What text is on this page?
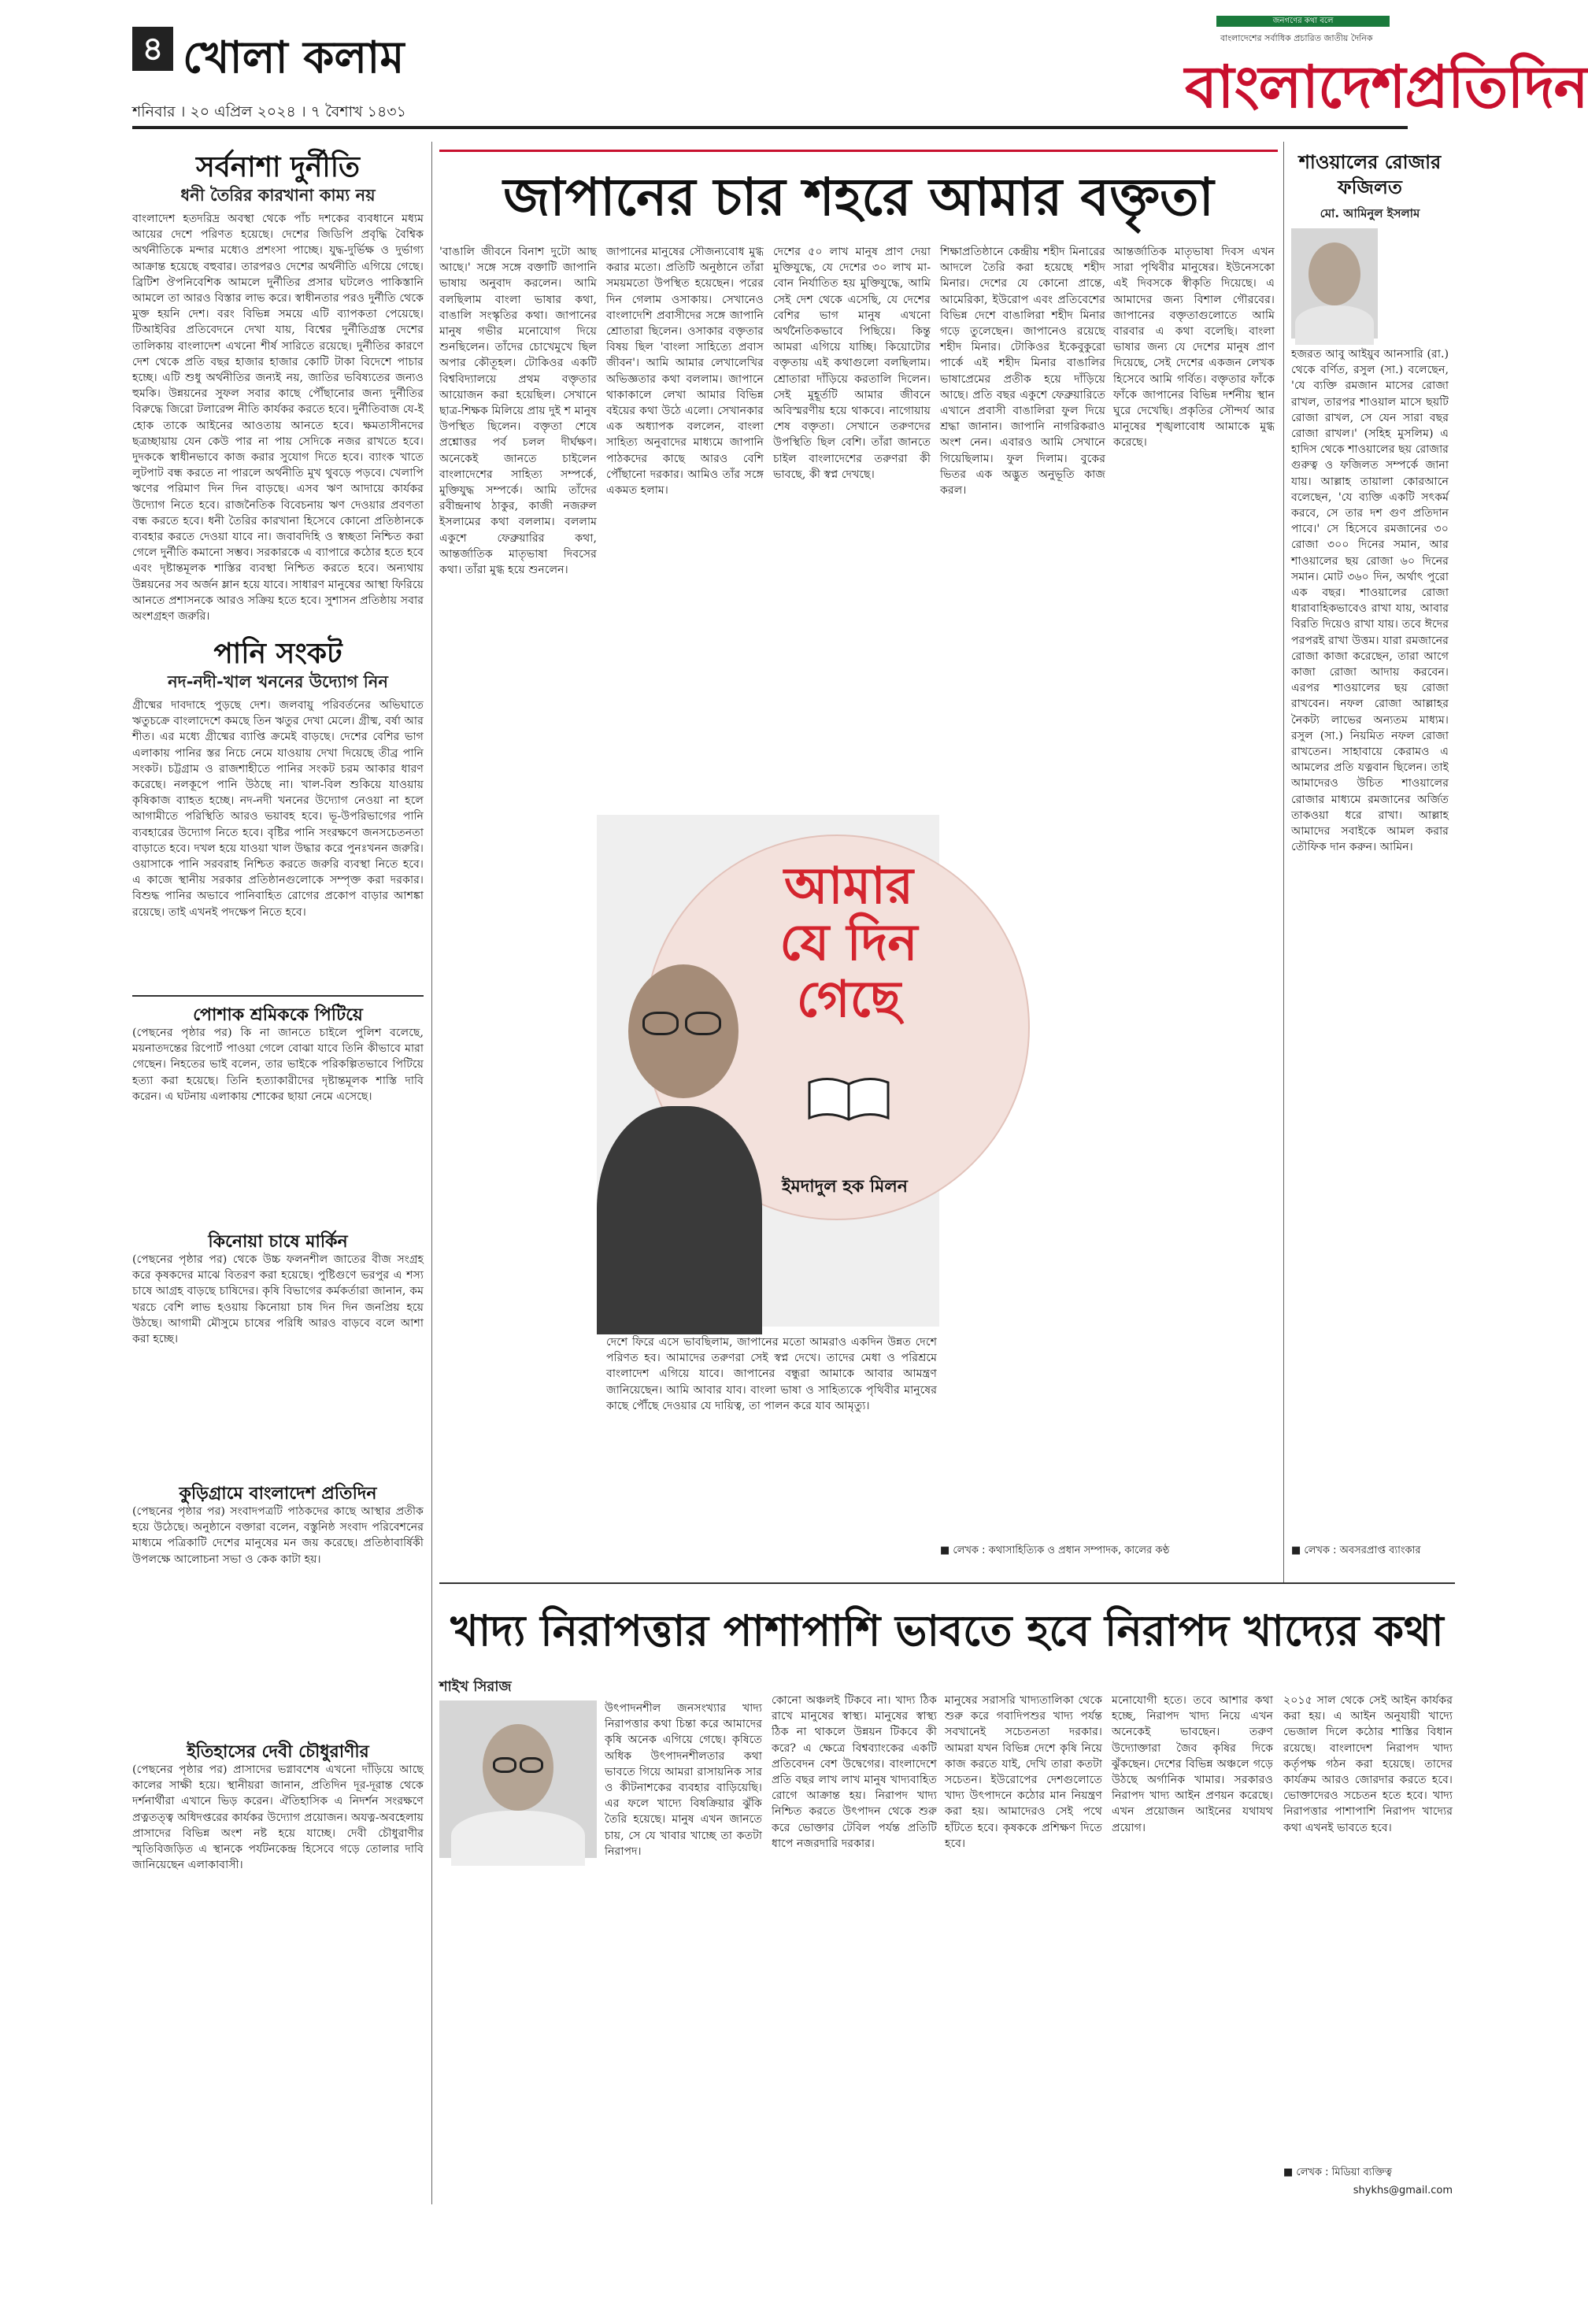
৪ খোলা কলাম
শনিবার । ২০ এপ্রিল ২০২৪ । ৭ বৈশাখ ১৪৩১
জনগণের কথা বলে
বাংলাদেশের সর্বাধিক প্রচারিত জাতীয় দৈনিক
বাংলাদেশপ্রতিদিন
সর্বনাশা দুর্নীতি
ধনী তৈরির কারখানা কাম্য নয়
বাংলাদেশ হতদরিদ্র অবস্থা থেকে পাঁচ দশকের ব্যবধানে মধ্যম আয়ের দেশে পরিণত হয়েছে। দেশের জিডিপি প্রবৃদ্ধি বৈশ্বিক অর্থনীতিকে মন্দার মধ্যেও প্রশংসা পাচ্ছে। যুদ্ধ-দুর্ভিক্ষ ও দুর্ভাগ্য আক্রান্ত হয়েছে বহুবার। তারপরও দেশের অর্থনীতি এগিয়ে গেছে। ব্রিটিশ ঔপনিবেশিক আমলে দুর্নীতির প্রসার ঘটলেও পাকিস্তানি আমলে তা আরও বিস্তার লাভ করে। স্বাধীনতার পরও দুর্নীতি থেকে মুক্ত হয়নি দেশ। বরং বিভিন্ন সময়ে এটি ব্যাপকতা পেয়েছে। টিআইবির প্রতিবেদনে দেখা যায়, বিশ্বের দুর্নীতিগ্রস্ত দেশের তালিকায় বাংলাদেশ এখনো শীর্ষ সারিতে রয়েছে। দুর্নীতির কারণে দেশ থেকে প্রতি বছর হাজার হাজার কোটি টাকা বিদেশে পাচার হচ্ছে। এটি শুধু অর্থনীতির জন্যই নয়, জাতির ভবিষ্যতের জন্যও হুমকি। উন্নয়নের সুফল সবার কাছে পৌঁছানোর জন্য দুর্নীতির বিরুদ্ধে জিরো টলারেন্স নীতি কার্যকর করতে হবে। দুর্নীতিবাজ যে-ই হোক তাকে আইনের আওতায় আনতে হবে। ক্ষমতাসীনদের ছত্রচ্ছায়ায় যেন কেউ পার না পায় সেদিকে নজর রাখতে হবে। দুদককে স্বাধীনভাবে কাজ করার সুযোগ দিতে হবে। ব্যাংক খাতে লুটপাট বন্ধ করতে না পারলে অর্থনীতি মুখ থুবড়ে পড়বে। খেলাপি ঋণের পরিমাণ দিন দিন বাড়ছে। এসব ঋণ আদায়ে কার্যকর উদ্যোগ নিতে হবে। রাজনৈতিক বিবেচনায় ঋণ দেওয়ার প্রবণতা বন্ধ করতে হবে। ধনী তৈরির কারখানা হিসেবে কোনো প্রতিষ্ঠানকে ব্যবহার করতে দেওয়া যাবে না। জবাবদিহি ও স্বচ্ছতা নিশ্চিত করা গেলে দুর্নীতি কমানো সম্ভব। সরকারকে এ ব্যাপারে কঠোর হতে হবে এবং দৃষ্টান্তমূলক শাস্তির ব্যবস্থা নিশ্চিত করতে হবে। অন্যথায় উন্নয়নের সব অর্জন ম্লান হয়ে যাবে। সাধারণ মানুষের আস্থা ফিরিয়ে আনতে প্রশাসনকে আরও সক্রিয় হতে হবে। সুশাসন প্রতিষ্ঠায় সবার অংশগ্রহণ জরুরি।
পানি সংকট
নদ-নদী-খাল খননের উদ্যোগ নিন
গ্রীষ্মের দাবদাহে পুড়ছে দেশ। জলবায়ু পরিবর্তনের অভিঘাতে ঋতুচক্রে বাংলাদেশে কমছে তিন ঋতুর দেখা মেলে। গ্রীষ্ম, বর্ষা আর শীত। এর মধ্যে গ্রীষ্মের ব্যাপ্তি ক্রমেই বাড়ছে। দেশের বেশির ভাগ এলাকায় পানির স্তর নিচে নেমে যাওয়ায় দেখা দিয়েছে তীব্র পানি সংকট। চট্টগ্রাম ও রাজশাহীতে পানির সংকট চরম আকার ধারণ করেছে। নলকূপে পানি উঠছে না। খাল-বিল শুকিয়ে যাওয়ায় কৃষিকাজ ব্যাহত হচ্ছে। নদ-নদী খননের উদ্যোগ নেওয়া না হলে আগামীতে পরিস্থিতি আরও ভয়াবহ হবে। ভূ-উপরিভাগের পানি ব্যবহারের উদ্যোগ নিতে হবে। বৃষ্টির পানি সংরক্ষণে জনসচেতনতা বাড়াতে হবে। দখল হয়ে যাওয়া খাল উদ্ধার করে পুনঃখনন জরুরি। ওয়াসাকে পানি সরবরাহ নিশ্চিত করতে জরুরি ব্যবস্থা নিতে হবে। এ কাজে স্থানীয় সরকার প্রতিষ্ঠানগুলোকে সম্পৃক্ত করা দরকার। বিশুদ্ধ পানির অভাবে পানিবাহিত রোগের প্রকোপ বাড়ার আশঙ্কা রয়েছে। তাই এখনই পদক্ষেপ নিতে হবে।
পোশাক শ্রমিককে পিটিয়ে
(পেছনের পৃষ্ঠার পর) কি না জানতে চাইলে পুলিশ বলেছে, ময়নাতদন্তের রিপোর্ট পাওয়া গেলে বোঝা যাবে তিনি কীভাবে মারা গেছেন। নিহতের ভাই বলেন, তার ভাইকে পরিকল্পিতভাবে পিটিয়ে হত্যা করা হয়েছে। তিনি হত্যাকারীদের দৃষ্টান্তমূলক শাস্তি দাবি করেন। এ ঘটনায় এলাকায় শোকের ছায়া নেমে এসেছে।
কিনোয়া চাষে মার্কিন
(পেছনের পৃষ্ঠার পর) থেকে উচ্চ ফলনশীল জাতের বীজ সংগ্রহ করে কৃষকদের মাঝে বিতরণ করা হয়েছে। পুষ্টিগুণে ভরপুর এ শস্য চাষে আগ্রহ বাড়ছে চাষিদের। কৃষি বিভাগের কর্মকর্তারা জানান, কম খরচে বেশি লাভ হওয়ায় কিনোয়া চাষ দিন দিন জনপ্রিয় হয়ে উঠছে। আগামী মৌসুমে চাষের পরিধি আরও বাড়বে বলে আশা করা হচ্ছে।
কুড়িগ্রামে বাংলাদেশ প্রতিদিন
(পেছনের পৃষ্ঠার পর) সংবাদপত্রটি পাঠকদের কাছে আস্থার প্রতীক হয়ে উঠেছে। অনুষ্ঠানে বক্তারা বলেন, বস্তুনিষ্ঠ সংবাদ পরিবেশনের মাধ্যমে পত্রিকাটি দেশের মানুষের মন জয় করেছে। প্রতিষ্ঠাবার্ষিকী উপলক্ষে আলোচনা সভা ও কেক কাটা হয়।
ইতিহাসের দেবী চৌধুরাণীর
(পেছনের পৃষ্ঠার পর) প্রাসাদের ভগ্নাবশেষ এখনো দাঁড়িয়ে আছে কালের সাক্ষী হয়ে। স্থানীয়রা জানান, প্রতিদিন দূর-দূরান্ত থেকে দর্শনার্থীরা এখানে ভিড় করেন। ঐতিহাসিক এ নিদর্শন সংরক্ষণে প্রত্নতত্ত্ব অধিদপ্তরের কার্যকর উদ্যোগ প্রয়োজন। অযত্ন-অবহেলায় প্রাসাদের বিভিন্ন অংশ নষ্ট হয়ে যাচ্ছে। দেবী চৌধুরাণীর স্মৃতিবিজড়িত এ স্থানকে পর্যটনকেন্দ্র হিসেবে গড়ে তোলার দাবি জানিয়েছেন এলাকাবাসী।
জাপানের চার শহরে আমার বক্তৃতা
'বাঙালি জীবনে বিনাশ দুটো আছ আছে।' সঙ্গে সঙ্গে বক্তাটি জাপানি ভাষায় অনুবাদ করলেন। আমি বলছিলাম বাংলা ভাষার কথা, বাঙালি সংস্কৃতির কথা। জাপানের মানুষ গভীর মনোযোগ দিয়ে শুনছিলেন। তাঁদের চোখেমুখে ছিল অপার কৌতূহল। টোকিওর একটি বিশ্ববিদ্যালয়ে প্রথম বক্তৃতার আয়োজন করা হয়েছিল। সেখানে ছাত্র-শিক্ষক মিলিয়ে প্রায় দুই শ মানুষ উপস্থিত ছিলেন। বক্তৃতা শেষে প্রশ্নোত্তর পর্ব চলল দীর্ঘক্ষণ। অনেকেই জানতে চাইলেন বাংলাদেশের সাহিত্য সম্পর্কে, মুক্তিযুদ্ধ সম্পর্কে। আমি তাঁদের রবীন্দ্রনাথ ঠাকুর, কাজী নজরুল ইসলামের কথা বললাম। বললাম একুশে ফেব্রুয়ারির কথা, আন্তর্জাতিক মাতৃভাষা দিবসের কথা। তাঁরা মুগ্ধ হয়ে শুনলেন।
জাপানের মানুষের সৌজন্যবোধ মুগ্ধ করার মতো। প্রতিটি অনুষ্ঠানে তাঁরা সময়মতো উপস্থিত হয়েছেন। পরের দিন গেলাম ওসাকায়। সেখানেও বাংলাদেশি প্রবাসীদের সঙ্গে জাপানি শ্রোতারা ছিলেন। ওসাকার বক্তৃতার বিষয় ছিল 'বাংলা সাহিত্যে প্রবাস জীবন'। আমি আমার লেখালেখির অভিজ্ঞতার কথা বললাম। জাপানে থাকাকালে লেখা আমার বিভিন্ন বইয়ের কথা উঠে এলো। সেখানকার এক অধ্যাপক বললেন, বাংলা সাহিত্য অনুবাদের মাধ্যমে জাপানি পাঠকদের কাছে আরও বেশি পৌঁছানো দরকার। আমিও তাঁর সঙ্গে একমত হলাম।
দেশের ৫০ লাখ মানুষ প্রাণ দেয়া মুক্তিযুদ্ধে, যে দেশের ৩০ লাখ মা-বোন নির্যাতিত হয় মুক্তিযুদ্ধে, আমি সেই দেশ থেকে এসেছি, যে দেশের বেশির ভাগ মানুষ এখনো অর্থনৈতিকভাবে পিছিয়ে। কিন্তু আমরা এগিয়ে যাচ্ছি। কিয়োটোর বক্তৃতায় এই কথাগুলো বলছিলাম। শ্রোতারা দাঁড়িয়ে করতালি দিলেন। সেই মুহূর্তটি আমার জীবনে অবিস্মরণীয় হয়ে থাকবে। নাগোয়ায় শেষ বক্তৃতা। সেখানে তরুণদের উপস্থিতি ছিল বেশি। তাঁরা জানতে চাইল বাংলাদেশের তরুণরা কী ভাবছে, কী স্বপ্ন দেখছে।
শিক্ষাপ্রতিষ্ঠানে কেন্দ্রীয় শহীদ মিনারের আদলে তৈরি করা হয়েছে শহীদ মিনার। দেশের যে কোনো প্রান্তে, আমেরিকা, ইউরোপ এবং প্রতিবেশের বিভিন্ন দেশে বাঙালিরা শহীদ মিনার গড়ে তুলেছেন। জাপানেও রয়েছে শহীদ মিনার। টোকিওর ইকেবুকুরো পার্কে এই শহীদ মিনার বাঙালির ভাষাপ্রেমের প্রতীক হয়ে দাঁড়িয়ে আছে। প্রতি বছর একুশে ফেব্রুয়ারিতে এখানে প্রবাসী বাঙালিরা ফুল দিয়ে শ্রদ্ধা জানান। জাপানি নাগরিকরাও অংশ নেন। এবারও আমি সেখানে গিয়েছিলাম। ফুল দিলাম। বুকের ভিতর এক অদ্ভুত অনুভূতি কাজ করল।
আন্তর্জাতিক মাতৃভাষা দিবস এখন সারা পৃথিবীর মানুষের। ইউনেসকো এই দিবসকে স্বীকৃতি দিয়েছে। এ আমাদের জন্য বিশাল গৌরবের। জাপানের বক্তৃতাগুলোতে আমি বারবার এ কথা বলেছি। বাংলা ভাষার জন্য যে দেশের মানুষ প্রাণ দিয়েছে, সেই দেশের একজন লেখক হিসেবে আমি গর্বিত। বক্তৃতার ফাঁকে ফাঁকে জাপানের বিভিন্ন দর্শনীয় স্থান ঘুরে দেখেছি। প্রকৃতির সৌন্দর্য আর মানুষের শৃঙ্খলাবোধ আমাকে মুগ্ধ করেছে।
দেশে ফিরে এসে ভাবছিলাম, জাপানের মতো আমরাও একদিন উন্নত দেশে পরিণত হব। আমাদের তরুণরা সেই স্বপ্ন দেখে। তাদের মেধা ও পরিশ্রমে বাংলাদেশ এগিয়ে যাবে। জাপানের বন্ধুরা আমাকে আবার আমন্ত্রণ জানিয়েছেন। আমি আবার যাব। বাংলা ভাষা ও সাহিত্যকে পৃথিবীর মানুষের কাছে পৌঁছে দেওয়ার যে দায়িত্ব, তা পালন করে যাব আমৃত্যু।
আমার যে দিন গেছে
ইমদাদুল হক মিলন
■ লেখক : কথাসাহিত্যিক ও প্রধান সম্পাদক, কালের কণ্ঠ
শাওয়ালের রোজার ফজিলত
মো. আমিনুল ইসলাম
হজরত আবু আইয়ুব আনসারি (রা.) থেকে বর্ণিত, রসুল (সা.) বলেছেন, 'যে ব্যক্তি রমজান মাসের রোজা রাখল, তারপর শাওয়াল মাসে ছয়টি রোজা রাখল, সে যেন সারা বছর রোজা রাখল।' (সহিহ মুসলিম) এ হাদিস থেকে শাওয়ালের ছয় রোজার গুরুত্ব ও ফজিলত সম্পর্কে জানা যায়। আল্লাহ তায়ালা কোরআনে বলেছেন, 'যে ব্যক্তি একটি সৎকর্ম করবে, সে তার দশ গুণ প্রতিদান পাবে।' সে হিসেবে রমজানের ৩০ রোজা ৩০০ দিনের সমান, আর শাওয়ালের ছয় রোজা ৬০ দিনের সমান। মোট ৩৬০ দিন, অর্থাৎ পুরো এক বছর। শাওয়ালের রোজা ধারাবাহিকভাবেও রাখা যায়, আবার বিরতি দিয়েও রাখা যায়। তবে ঈদের পরপরই রাখা উত্তম। যারা রমজানের রোজা কাজা করেছেন, তারা আগে কাজা রোজা আদায় করবেন। এরপর শাওয়ালের ছয় রোজা রাখবেন। নফল রোজা আল্লাহর নৈকট্য লাভের অন্যতম মাধ্যম। রসুল (সা.) নিয়মিত নফল রোজা রাখতেন। সাহাবায়ে কেরামও এ আমলের প্রতি যত্নবান ছিলেন। তাই আমাদেরও উচিত শাওয়ালের রোজার মাধ্যমে রমজানের অর্জিত তাকওয়া ধরে রাখা। আল্লাহ আমাদের সবাইকে আমল করার তৌফিক দান করুন। আমিন।
■ লেখক : অবসরপ্রাপ্ত ব্যাংকার
খাদ্য নিরাপত্তার পাশাপাশি ভাবতে হবে নিরাপদ খাদ্যের কথা
শাইখ সিরাজ
উৎপাদনশীল জনসংখ্যার খাদ্য নিরাপত্তার কথা চিন্তা করে আমাদের কৃষি অনেক এগিয়ে গেছে। কৃষিতে অধিক উৎপাদনশীলতার কথা ভাবতে গিয়ে আমরা রাসায়নিক সার ও কীটনাশকের ব্যবহার বাড়িয়েছি। এর ফলে খাদ্যে বিষক্রিয়ার ঝুঁকি তৈরি হয়েছে। মানুষ এখন জানতে চায়, সে যে খাবার খাচ্ছে তা কতটা নিরাপদ।
কোনো অঞ্চলই টিকবে না। খাদ্য ঠিক রাখে মানুষের স্বাস্থ্য। মানুষের স্বাস্থ্য ঠিক না থাকলে উন্নয়ন টিকবে কী করে? এ ক্ষেত্রে বিশ্বব্যাংকের একটি প্রতিবেদন বেশ উদ্বেগের। বাংলাদেশে প্রতি বছর লাখ লাখ মানুষ খাদ্যবাহিত রোগে আক্রান্ত হয়। নিরাপদ খাদ্য নিশ্চিত করতে উৎপাদন থেকে শুরু করে ভোক্তার টেবিল পর্যন্ত প্রতিটি ধাপে নজরদারি দরকার।
মানুষের সরাসরি খাদ্যতালিকা থেকে শুরু করে গবাদিপশুর খাদ্য পর্যন্ত সবখানেই সচেতনতা দরকার। আমরা যখন বিভিন্ন দেশে কৃষি নিয়ে কাজ করতে যাই, দেখি তারা কতটা সচেতন। ইউরোপের দেশগুলোতে খাদ্য উৎপাদনে কঠোর মান নিয়ন্ত্রণ করা হয়। আমাদেরও সেই পথে হাঁটতে হবে। কৃষককে প্রশিক্ষণ দিতে হবে।
মনোযোগী হতে। তবে আশার কথা হচ্ছে, নিরাপদ খাদ্য নিয়ে এখন অনেকেই ভাবছেন। তরুণ উদ্যোক্তারা জৈব কৃষির দিকে ঝুঁকছেন। দেশের বিভিন্ন অঞ্চলে গড়ে উঠছে অর্গানিক খামার। সরকারও নিরাপদ খাদ্য আইন প্রণয়ন করেছে। এখন প্রয়োজন আইনের যথাযথ প্রয়োগ।
২০১৫ সাল থেকে সেই আইন কার্যকর করা হয়। এ আইন অনুযায়ী খাদ্যে ভেজাল দিলে কঠোর শাস্তির বিধান রয়েছে। বাংলাদেশ নিরাপদ খাদ্য কর্তৃপক্ষ গঠন করা হয়েছে। তাদের কার্যক্রম আরও জোরদার করতে হবে। ভোক্তাদেরও সচেতন হতে হবে। খাদ্য নিরাপত্তার পাশাপাশি নিরাপদ খাদ্যের কথা এখনই ভাবতে হবে।
■ লেখক : মিডিয়া ব্যক্তিত্ব
shykhs@gmail.com
